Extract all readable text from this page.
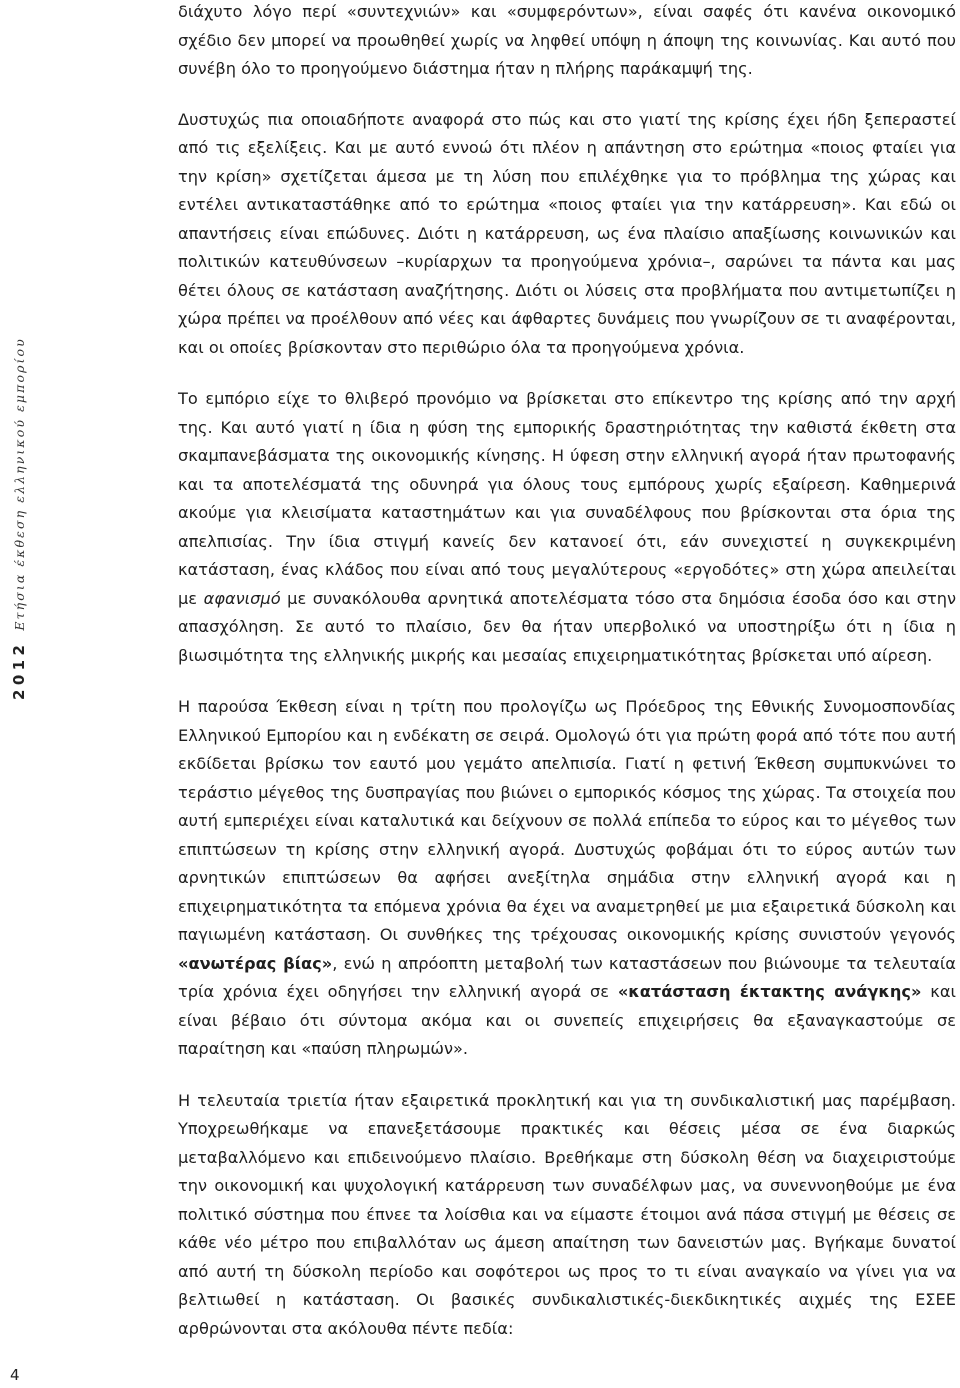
2012
Ετήσια έκθεση ελληνικού εμπορίου

διάχυτο λόγο περί «συντεχνιών» και «συμφερόντων», είναι σαφές ότι κανένα οικονομικό σχέδιο δεν μπορεί να προωθηθεί χωρίς να ληφθεί υπόψη η άποψη της κοινωνίας. Και αυτό που συνέβη όλο το προηγούμενο διάστημα ήταν η πλήρης παράκαμψή της.

Δυστυχώς πια οποιαδήποτε αναφορά στο πώς και στο γιατί της κρίσης έχει ήδη ξεπεραστεί από τις εξελίξεις. Και με αυτό εννοώ ότι πλέον η απάντηση στο ερώτημα «ποιος φταίει για την κρίση» σχετίζεται άμεσα με τη λύση που επιλέχθηκε για το πρόβλημα της χώρας και εντέλει αντικαταστάθηκε από το ερώτημα «ποιος φταίει για την κατάρρευση». Και εδώ οι απαντήσεις είναι επώδυνες. Διότι η κατάρρευση, ως ένα πλαίσιο απαξίωσης κοινωνικών και πολιτικών κατευθύνσεων –κυρίαρχων τα προηγούμενα χρόνια–, σαρώνει τα πάντα και μας θέτει όλους σε κατάσταση αναζήτησης. Διότι οι λύσεις στα προβλήματα που αντιμετωπίζει η χώρα πρέπει να προέλθουν από νέες και άφθαρτες δυνάμεις που γνωρίζουν σε τι αναφέρονται, και οι οποίες βρίσκονταν στο περιθώριο όλα τα προηγούμενα χρόνια.

Το εμπόριο είχε το θλιβερό προνόμιο να βρίσκεται στο επίκεντρο της κρίσης από την αρχή της. Και αυτό γιατί η ίδια η φύση της εμπορικής δραστηριότητας την καθιστά έκθετη στα σκαμπανεβάσματα της οικονομικής κίνησης. Η ύφεση στην ελληνική αγορά ήταν πρωτοφανής και τα αποτελέσματά της οδυνηρά για όλους τους εμπόρους χωρίς εξαίρεση. Καθημερινά ακούμε για κλεισίματα καταστημάτων και για συναδέλφους που βρίσκονται στα όρια της απελπισίας. Την ίδια στιγμή κανείς δεν κατανοεί ότι, εάν συνεχιστεί η συγκεκριμένη κατάσταση, ένας κλάδος που είναι από τους μεγαλύτερους «εργοδότες» στη χώρα απειλείται με αφανισμό με συνακόλουθα αρνητικά αποτελέσματα τόσο στα δημόσια έσοδα όσο και στην απασχόληση. Σε αυτό το πλαίσιο, δεν θα ήταν υπερβολικό να υποστηρίξω ότι η ίδια η βιωσιμότητα της ελληνικής μικρής και μεσαίας επιχειρηματικότητας βρίσκεται υπό αίρεση.

Η παρούσα Έκθεση είναι η τρίτη που προλογίζω ως Πρόεδρος της Εθνικής Συνομοσπονδίας Ελληνικού Εμπορίου και η ενδέκατη σε σειρά. Ομολογώ ότι για πρώτη φορά από τότε που αυτή εκδίδεται βρίσκω τον εαυτό μου γεμάτο απελπισία. Γιατί η φετινή Έκθεση συμπυκνώνει το τεράστιο μέγεθος της δυσπραγίας που βιώνει ο εμπορικός κόσμος της χώρας. Τα στοιχεία που αυτή εμπεριέχει είναι καταλυτικά και δείχνουν σε πολλά επίπεδα το εύρος και το μέγεθος των επιπτώσεων τη κρίσης στην ελληνική αγορά. Δυστυχώς φοβάμαι ότι το εύρος αυτών των αρνητικών επιπτώσεων θα αφήσει ανεξίτηλα σημάδια στην ελληνική αγορά και η επιχειρηματικότητα τα επόμενα χρόνια θα έχει να αναμετρηθεί με μια εξαιρετικά δύσκολη και παγιωμένη κατάσταση. Οι συνθήκες της τρέχουσας οικονομικής κρίσης συνιστούν γεγονός «ανωτέρας βίας», ενώ η απρόοπτη μεταβολή των καταστάσεων που βιώνουμε τα τελευταία τρία χρόνια έχει οδηγήσει την ελληνική αγορά σε «κατάσταση έκτακτης ανάγκης» και είναι βέβαιο ότι σύντομα ακόμα και οι συνεπείς επιχειρήσεις θα εξαναγκαστούμε σε παραίτηση και «παύση πληρωμών».

Η τελευταία τριετία ήταν εξαιρετικά προκλητική και για τη συνδικαλιστική μας παρέμβαση. Υποχρεωθήκαμε να επανεξετάσουμε πρακτικές και θέσεις μέσα σε ένα διαρκώς μεταβαλλόμενο και επιδεινούμενο πλαίσιο. Βρεθήκαμε στη δύσκολη θέση να διαχειριστούμε την οικονομική και ψυχολογική κατάρρευση των συναδέλφων μας, να συνεννοηθούμε με ένα πολιτικό σύστημα που έπνεε τα λοίσθια και να είμαστε έτοιμοι ανά πάσα στιγμή με θέσεις σε κάθε νέο μέτρο που επιβαλλόταν ως άμεση απαίτηση των δανειστών μας. Βγήκαμε δυνατοί από αυτή τη δύσκολη περίοδο και σοφότεροι ως προς το τι είναι αναγκαίο να γίνει για να βελτιωθεί η κατάσταση. Οι βασικές συνδικαλιστικές-διεκδικητικές αιχμές της ΕΣΕΕ αρθρώνονται στα ακόλουθα πέντε πεδία:

4
